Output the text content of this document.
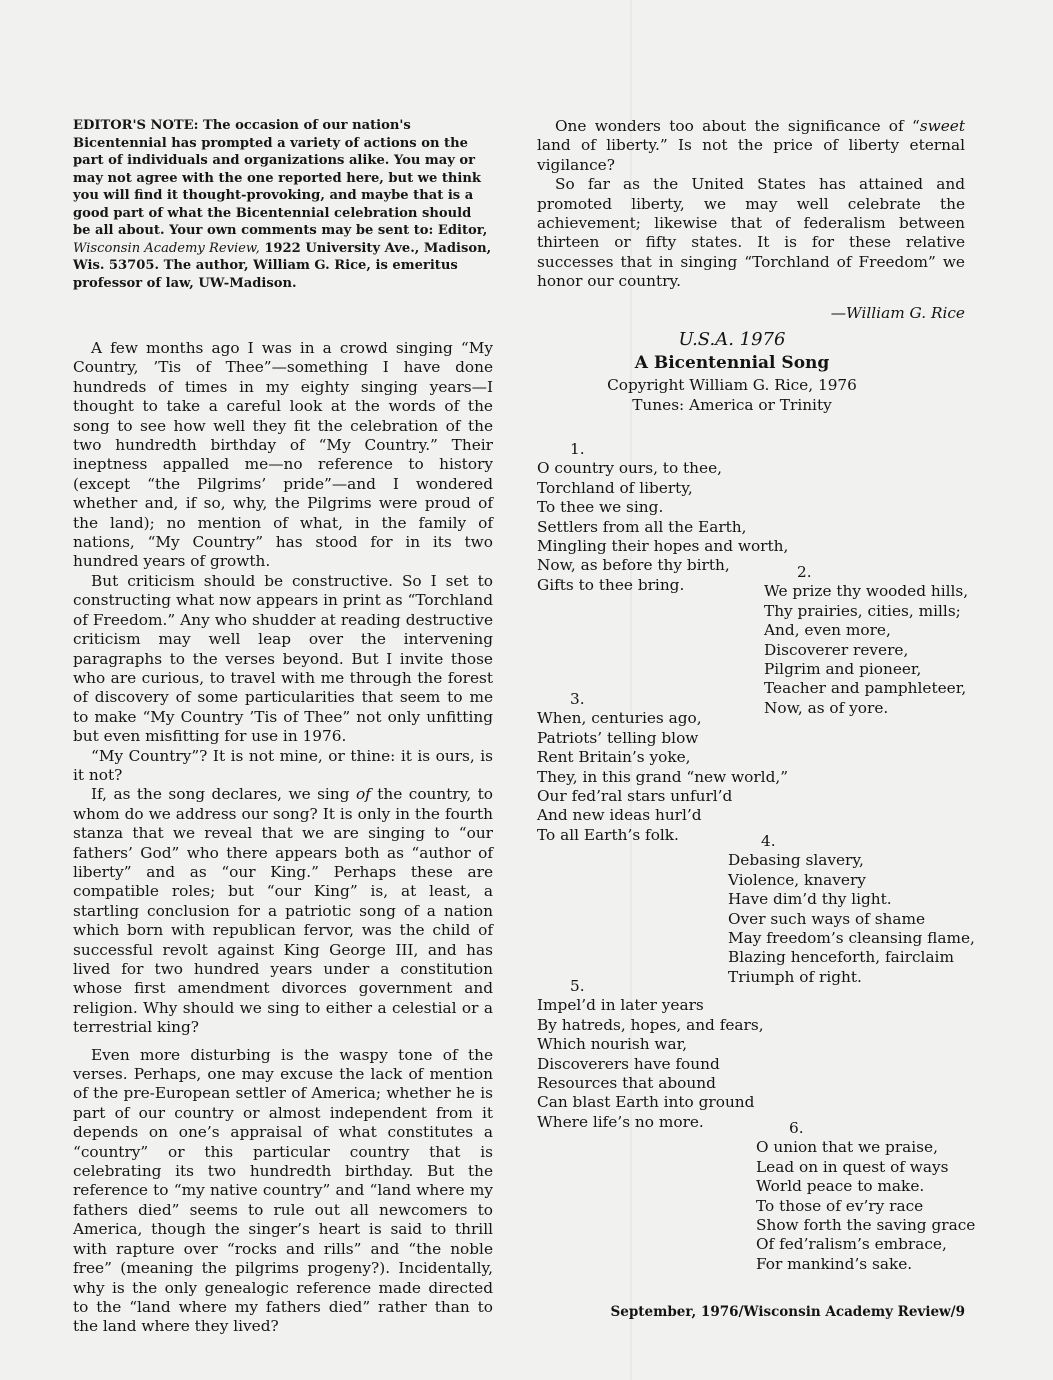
EDITOR'S NOTE: The occasion of our nation's Bicentennial has prompted a variety of actions on the part of individuals and organizations alike. You may or may not agree with the one reported here, but we think you will find it thought-provoking, and maybe that is a good part of what the Bicentennial celebration should be all about. Your own comments may be sent to: Editor, Wisconsin Academy Review, 1922 University Ave., Madison, Wis. 53705. The author, William G. Rice, is emeritus professor of law, UW-Madison.

A few months ago I was in a crowd singing “My Country, ’Tis of Thee”—something I have done hundreds of times in my eighty singing years—I thought to take a careful look at the words of the song to see how well they fit the celebration of the two hundredth birthday of “My Country.” Their ineptness appalled me—no reference to history (except “the Pilgrims’ pride”—and I wondered whether and, if so, why, the Pilgrims were proud of the land); no mention of what, in the family of nations, “My Country” has stood for in its two hundred years of growth.

But criticism should be constructive. So I set to constructing what now appears in print as “Torchland of Freedom.” Any who shudder at reading destructive criticism may well leap over the intervening paragraphs to the verses beyond. But I invite those who are curious, to travel with me through the forest of discovery of some particularities that seem to me to make “My Country ’Tis of Thee” not only unfitting but even misfitting for use in 1976.

“My Country”? It is not mine, or thine: it is ours, is it not?

If, as the song declares, we sing of the country, to whom do we address our song? It is only in the fourth stanza that we reveal that we are singing to “our fathers’ God” who there appears both as “author of liberty” and as “our King.” Perhaps these are compatible roles; but “our King” is, at least, a startling conclusion for a patriotic song of a nation which born with republican fervor, was the child of successful revolt against King George III, and has lived for two hundred years under a constitution whose first amendment divorces government and religion. Why should we sing to either a celestial or a terrestrial king?

Even more disturbing is the waspy tone of the verses. Perhaps, one may excuse the lack of mention of the pre-European settler of America; whether he is part of our country or almost independent from it depends on one’s appraisal of what constitutes a “country” or this particular country that is celebrating its two hundredth birthday. But the reference to “my native country” and “land where my fathers died” seems to rule out all newcomers to America, though the singer’s heart is said to thrill with rapture over “rocks and rills” and “the noble free” (meaning the pilgrims progeny?). Incidentally, why is the only genealogic reference made directed to the “land where my fathers died” rather than to the land where they lived?

One wonders too about the significance of “sweet land of liberty.” Is not the price of liberty eternal vigilance?

So far as the United States has attained and promoted liberty, we may well celebrate the achievement; likewise that of federalism between thirteen or fifty states. It is for these relative successes that in singing “Torchland of Freedom” we honor our country.

—William G. Rice

U.S.A. 1976
A Bicentennial Song
Copyright William G. Rice, 1976
Tunes: America or Trinity
1.
O country ours, to thee,
Torchland of liberty,
To thee we sing.
Settlers from all the Earth,
Mingling their hopes and worth,
Now, as before thy birth,
Gifts to thee bring.
2.
We prize thy wooded hills,
Thy prairies, cities, mills;
And, even more,
Discoverer revere,
Pilgrim and pioneer,
Teacher and pamphleteer,
Now, as of yore.
3.
When, centuries ago,
Patriots’ telling blow
Rent Britain’s yoke,
They, in this grand “new world,”
Our fed’ral stars unfurl’d
And new ideas hurl’d
To all Earth’s folk.	4.
Debasing slavery,
Violence, knavery
Have dim’d thy light.
Over such ways of shame
May freedom’s cleansing flame,
Blazing henceforth, fairclaim
Triumph of right.
5.
Impel’d in later years
By hatreds, hopes, and fears,
Which nourish war,
Discoverers have found
Resources that abound
Can blast Earth into ground
Where life’s no more.	6.
O union that we praise,
Lead on in quest of ways
World peace to make.
To those of ev’ry race
Show forth the saving grace
Of fed’ralism’s embrace,
For mankind’s sake.
September, 1976/Wisconsin Academy Review/9
